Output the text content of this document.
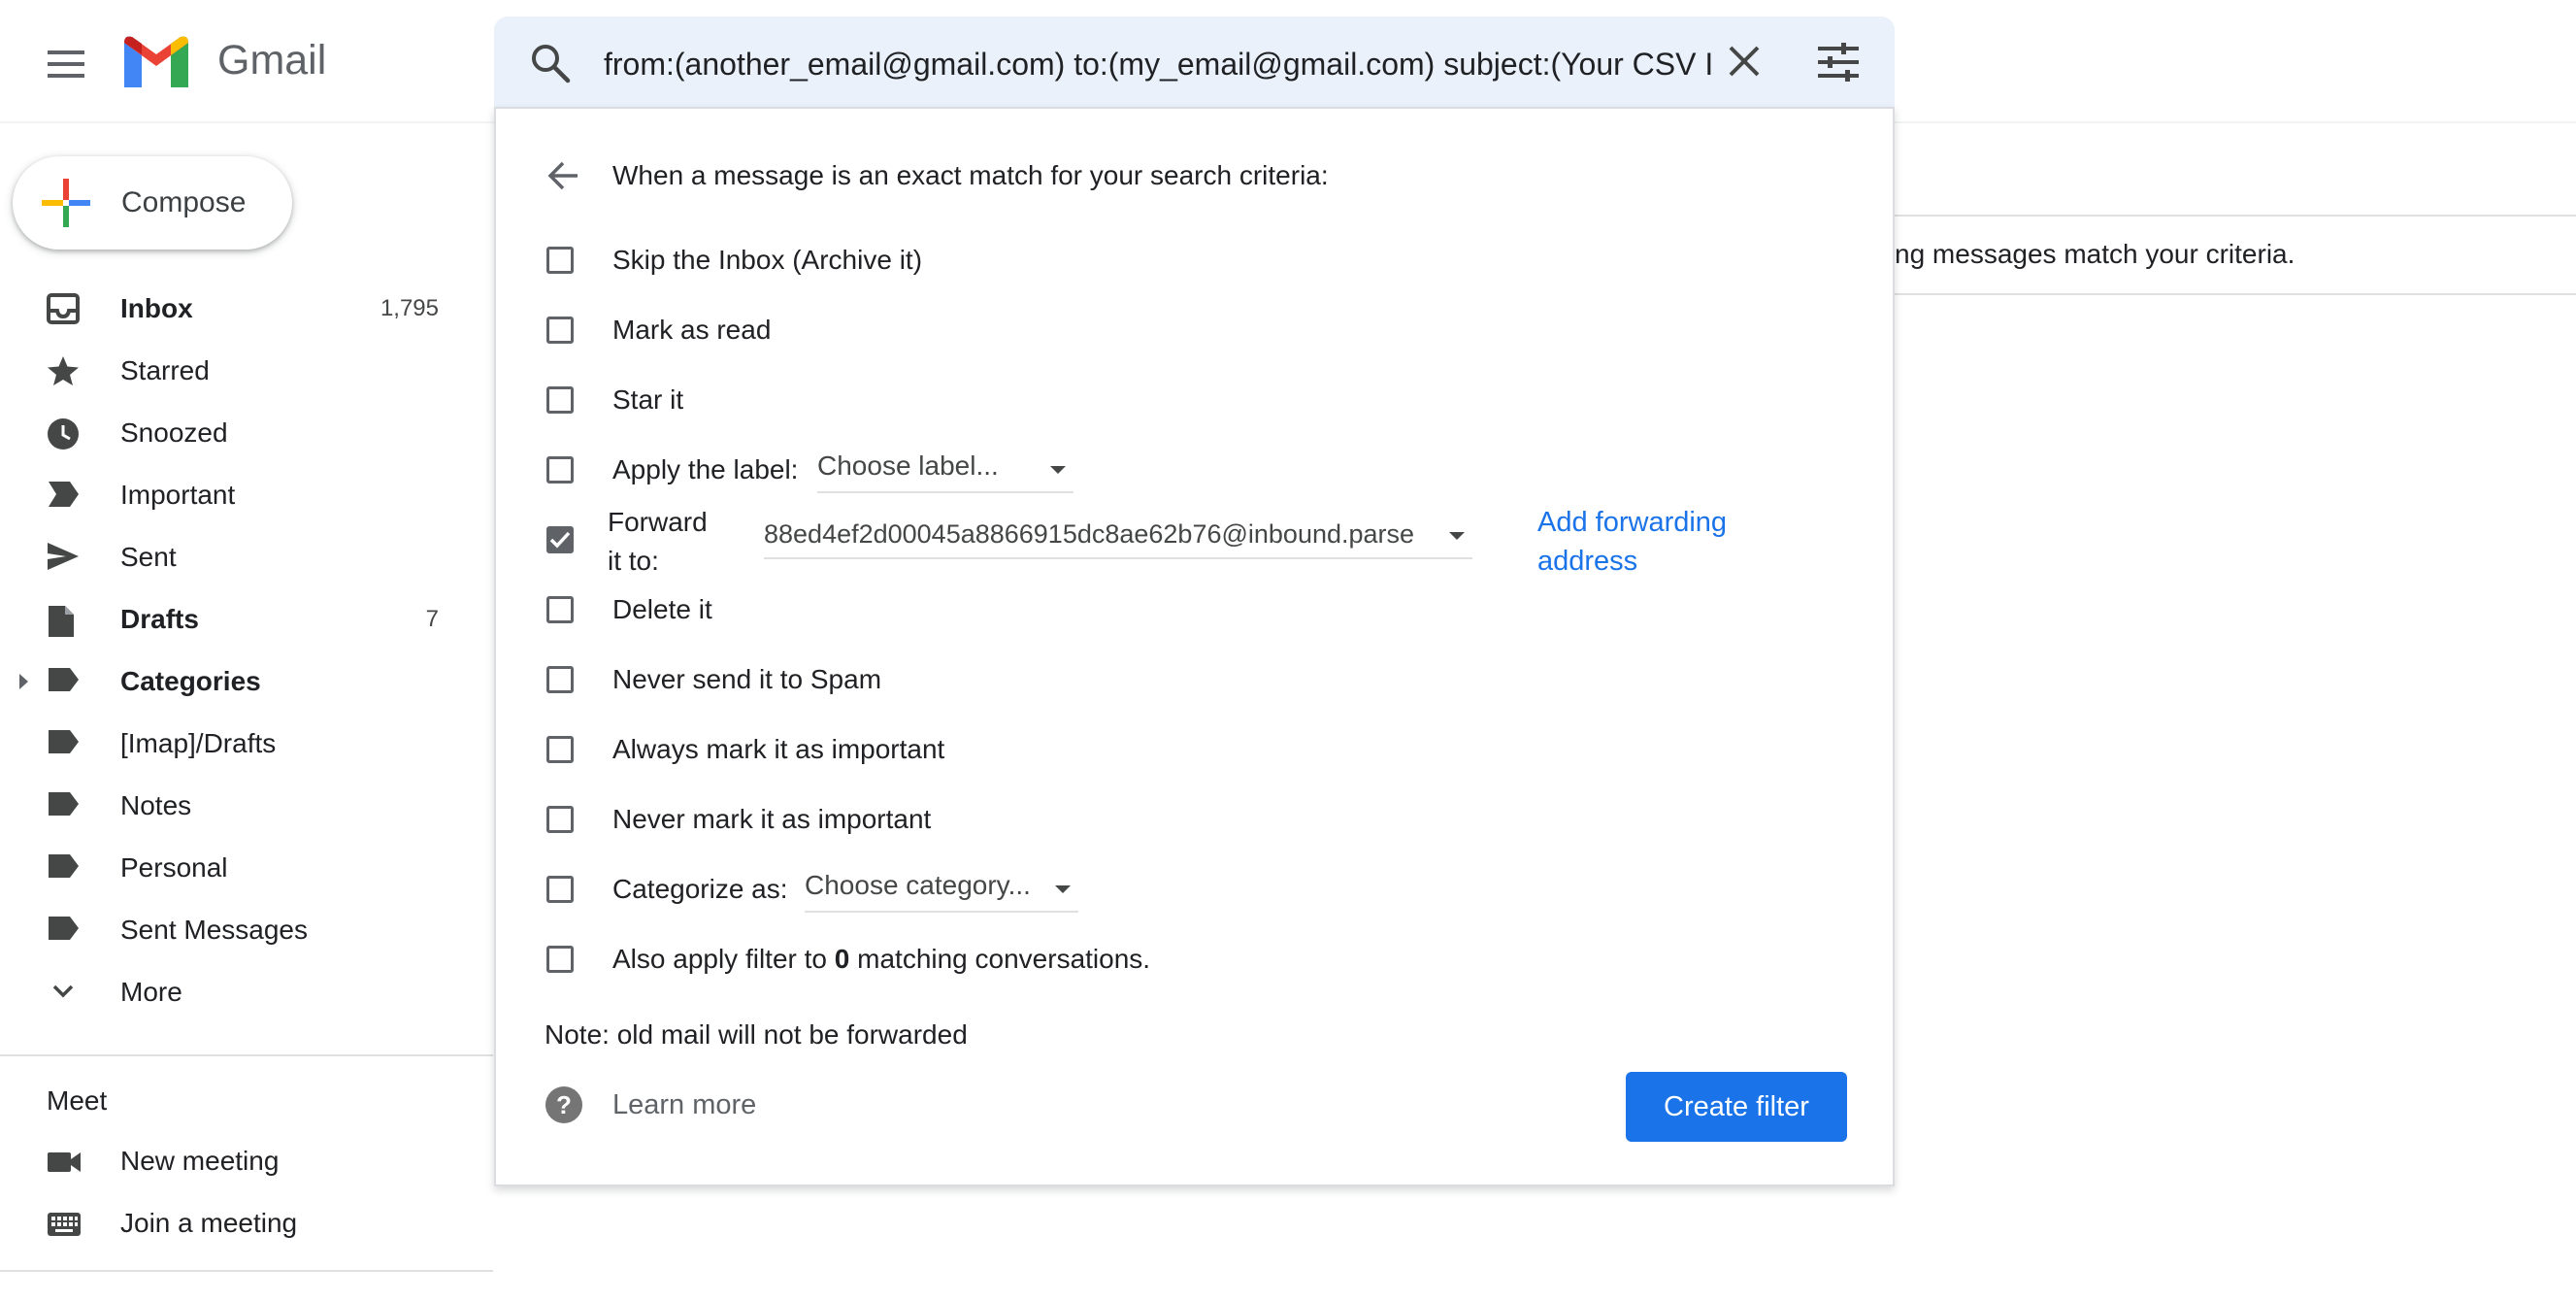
Gmail	from:(another_email@gmail.com) to:(my_email@gmail.com) subject:(Your CSV I
Compose
Inbox	1,795
Starred
Snoozed
Important
Sent
Drafts	7
Categories
[Imap]/Drafts
Notes
Personal
Sent Messages
More
Meet
New meeting
Join a meeting
ng messages match your criteria.
When a message is an exact match for your search criteria:
Skip the Inbox (Archive it)
Mark as read
Star it
Apply the label: Choose label...
Forward it to:
88ed4ef2d00045a8866915dc8ae62b76@inbound.parse	Add forwarding address
Delete it
Never send it to Spam
Always mark it as important
Never mark it as important
Categorize as: Choose category...
Also apply filter to 0 matching conversations.
Note: old mail will not be forwarded
? Learn more	Create filter
